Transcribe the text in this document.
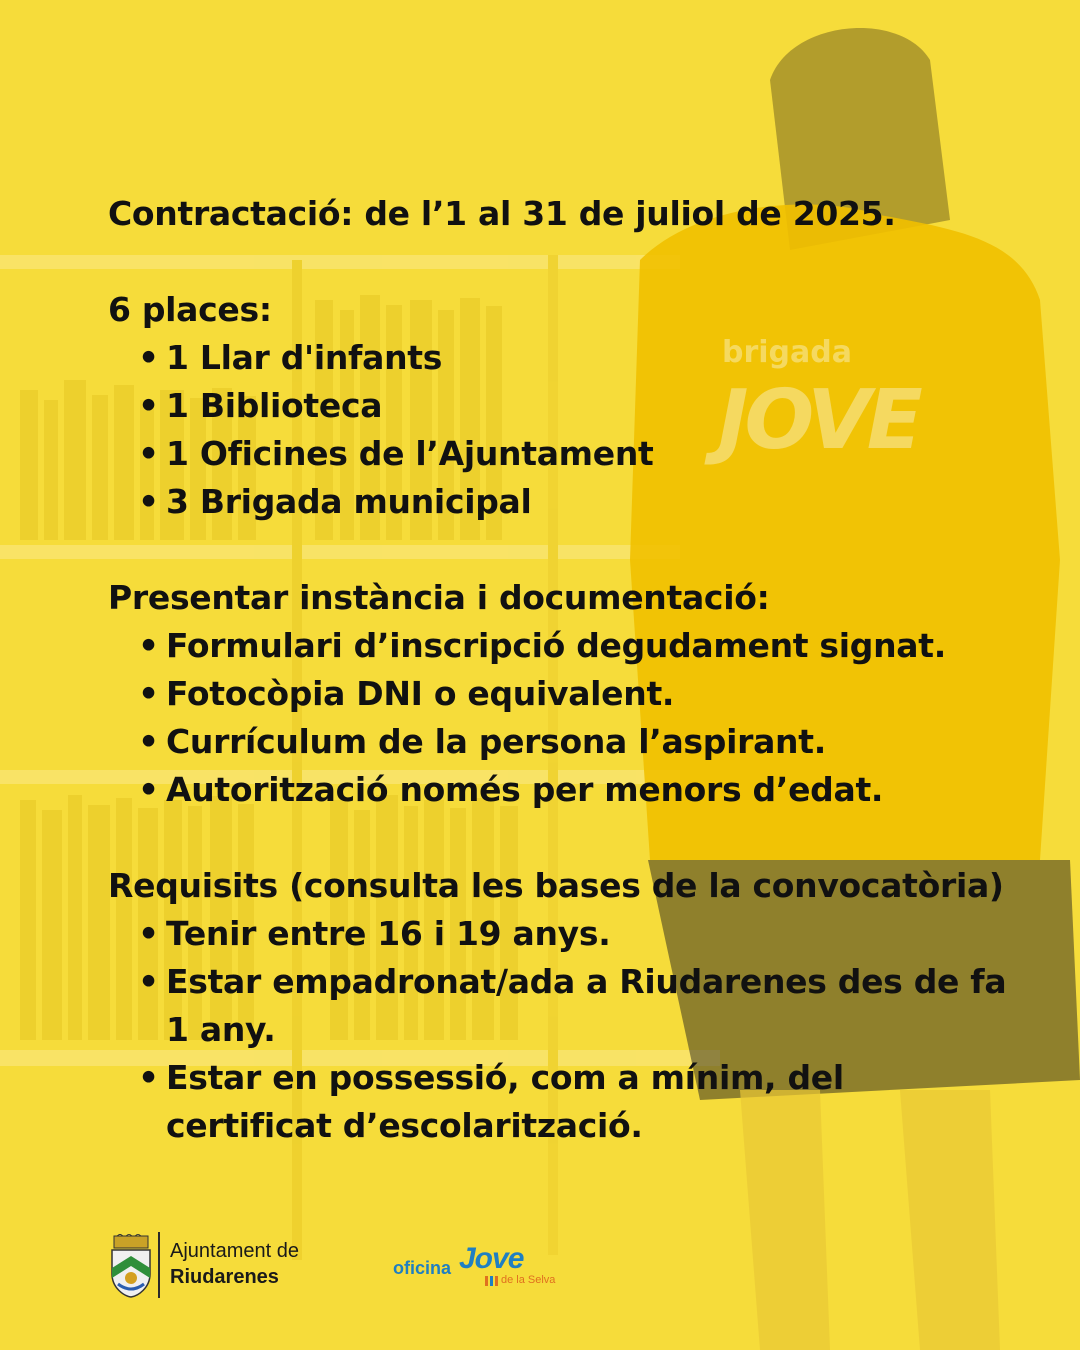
brigada
JOVE

Contractació: de l’1 al 31 de juliol de 2025.

6 places:

• 1 Llar d'infants
• 1 Biblioteca
• 1 Oficines de l’Ajuntament
• 3 Brigada municipal

Presentar instància i documentació:

• Formulari d’inscripció degudament signat.
• Fotocòpia DNI o equivalent.
• Currículum de la persona l’aspirant.
• Autorització només per menors d’edat.

Requisits (consulta les bases de la convocatòria)

• Tenir entre 16 i 19 anys.
• Estar empadronat/ada a Riudarenes des de fa 1 any.
• Estar en possessió, com a mínim, del certificat d’escolarització.
Ajuntament de
Riudarenes	oficina Jove
de la Selva
